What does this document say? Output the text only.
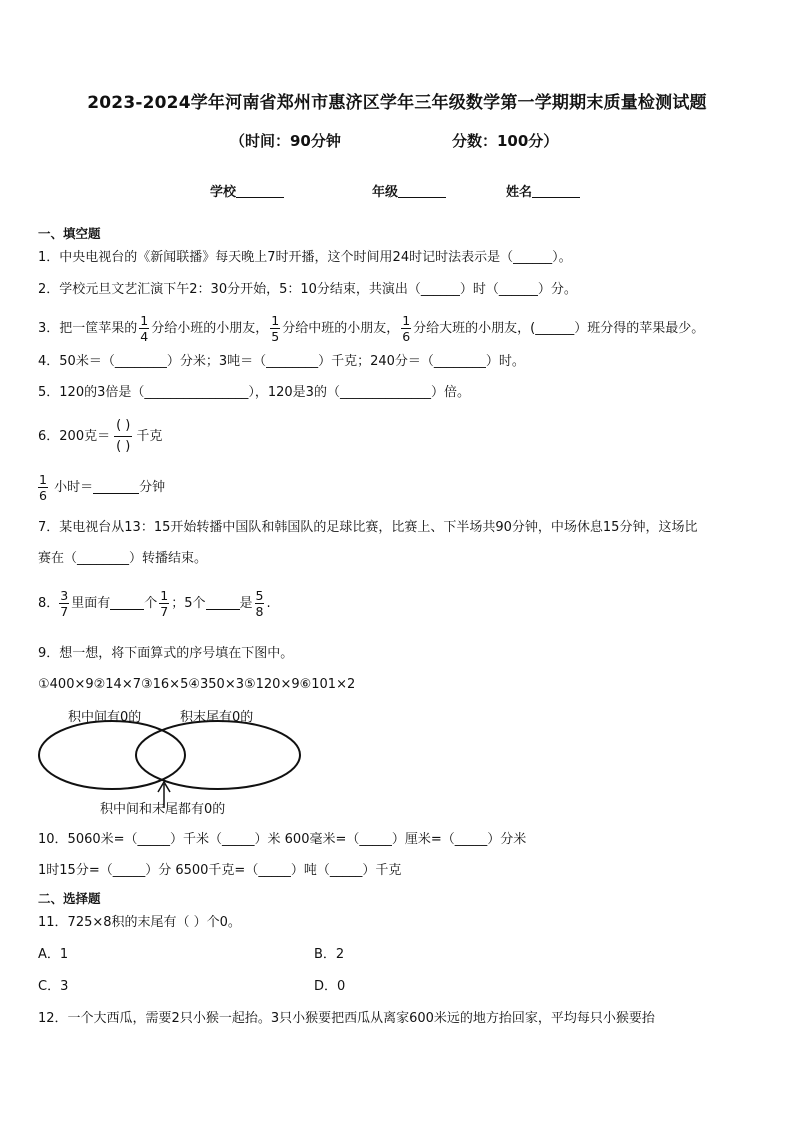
2023-2024学年河南省郑州市惠济区学年三年级数学第一学期期末质量检测试题
（时间：90分钟	分数：100分）
学校	年级	姓名
一、填空题
1．中央电视台的《新闻联播》每天晚上7时开播，这个时间用24时记时法表示是（______）。
2．学校元旦文艺汇演下午2：30分开始，5：10分结束，共演出（______）时（______）分。
3．把一筐苹果的 $\frac{1}{4}$ 分给小班的小朋友， $\frac{1}{5}$ 分给中班的小朋友， $\frac{1}{6}$ 分给大班的小朋友，(______）班分得的苹果最少。
4．50米＝（________）分米；3吨＝（________）千克；240分＝（________）时。
5．120的3倍是（________________），120是3的（______________）倍。
6．200克＝
( )
( )
千克
$\frac{1}{6}$ 小时＝	分钟
7．某电视台从13：15开始转播中国队和韩国队的足球比赛，比赛上、下半场共90分钟，中场休息15分钟，这场比
赛在（________）转播结束。
8． $\frac{3}{7}$ 里面有	个 $\frac{1}{7}$ ；5个	是 $\frac{5}{8}$ .
9．想一想，将下面算式的序号填在下图中。
①400×9②14×7③16×5④350×3⑤120×9⑥101×2
积中间有0的	积末尾有0的
积中间和末尾都有0的
10．5060米=（_____）千米（_____）米 600毫米=（_____）厘米=（_____）分米
1时15分=（_____）分 6500千克=（_____）吨（_____）千克
二、选择题
11．725×8积的末尾有（ ）个0。
A．1	B．2
C．3	D．0
12．一个大西瓜，需要2只小猴一起抬。3只小猴要把西瓜从离家600米远的地方抬回家，平均每只小猴要抬
